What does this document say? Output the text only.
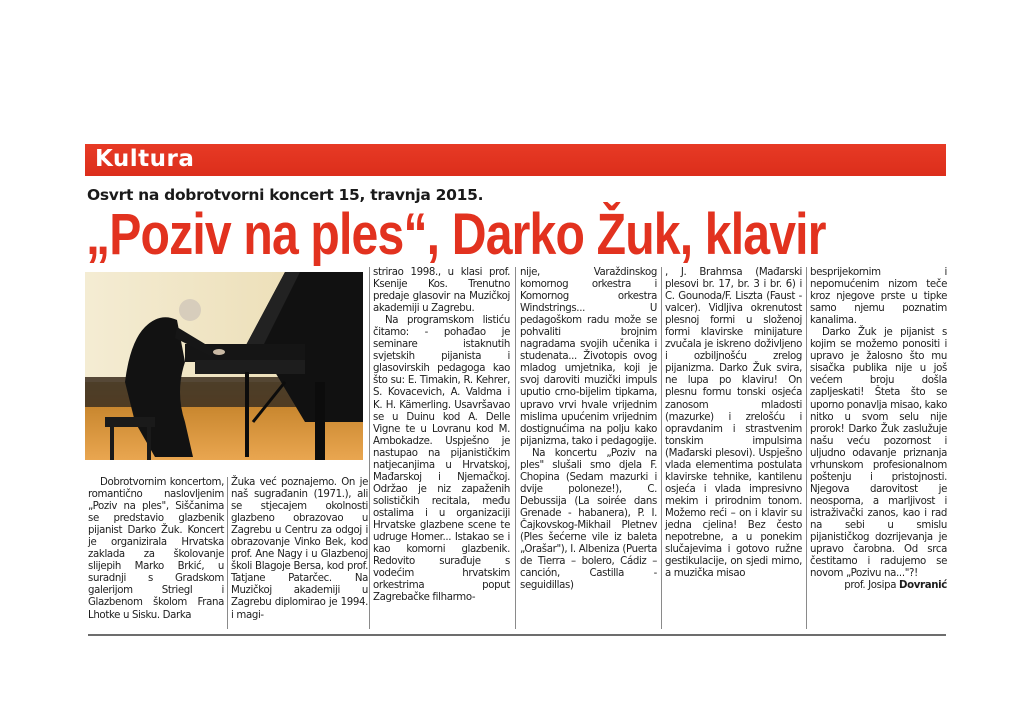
Kultura
Osvrt na dobrotvorni koncert 15, travnja 2015.
„Poziv na ples“, Darko Žuk, klavir

Dobrotvornim koncertom, romantično naslovljenim „Poziv na ples", Siščanima se predstavio glazbenik pijanist Darko Žuk. Koncert je organizirala Hrvatska zaklada za školovanje slijepih Marko Brkić, u suradnji s Gradskom galerijom Striegl i Glazbenom školom Frana Lhotke u Sisku. Darka

Žuka već poznajemo. On je naš sugrađanin (1971.), ali se stjecajem okolnosti glazbeno obrazovao u Zagrebu u Centru za odgoj i obrazovanje Vinko Bek, kod prof. Ane Nagy i u Glazbenoj školi Blagoje Bersa, kod prof. Tatjane Patarčec. Na Muzičkoj akademiji u Zagrebu diplomirao je 1994. i magi-

strirao 1998., u klasi prof. Ksenije Kos. Trenutno predaje glasovir na Muzičkoj akademiji u Zagrebu.

Na programskom listiću čitamo: - pohađao je seminare istaknutih svjetskih pijanista i glasovirskih pedagoga kao što su: E. Timakin, R. Kehrer, S. Kovacevich, A. Valdma i K. H. Kämerling. Usavršavao se u Duinu kod A. Delle Vigne te u Lovranu kod M. Ambokadze. Uspješno je nastupao na pijanističkim natjecanjima u Hrvatskoj, Mađarskoj i Njemačkoj. Održao je niz zapaženih solističkih recitala, među ostalima i u organizaciji Hrvatske glazbene scene te udruge Homer... Istakao se i kao komorni glazbenik. Redovito surađuje s vodećim hrvatskim orkestrima poput Zagrebačke filharmo-

nije, Varaždinskog komornog orkestra i Komornog orkestra Windstrings... U pedagoškom radu može se pohvaliti brojnim nagradama svojih učenika i studenata... Životopis ovog mladog umjetnika, koji je svoj daroviti muzički impuls uputio crno-bijelim tipkama, upravo vrvi hvale vrijednim mislima upućenim vrijednim dostignućima na polju kako pijanizma, tako i pedagogije.

Na koncertu „Poziv na ples" slušali smo djela F. Chopina (Sedam mazurki i dvije poloneze!), C. Debussija (La soirée dans Grenade - habanera), P. I. Čajkovskog-Mikhail Pletnev (Ples šećerne vile iz baleta „Orašar"), I. Albeniza (Puerta de Tierra – bolero, Cádiz – canción, Castilla - seguidillas)

, J. Brahmsa (Mađarski plesovi br. 17, br. 3 i br. 6) i C. Gounoda/F. Liszta (Faust - valcer). Vidljiva okrenutost plesnoj formi u složenoj formi klavirske minijature zvučala je iskreno doživljeno i ozbiljnošću zrelog pijanizma. Darko Žuk svira, ne lupa po klaviru! On plesnu formu tonski osjeća zanosom mladosti (mazurke) i zrelošću i opravdanim i strastvenim tonskim impulsima (Mađarski plesovi). Uspješno vlada elementima postulata klavirske tehnike, kantilenu osjeća i vlada impresivno mekim i prirodnim tonom. Možemo reći – on i klavir su jedna cjelina! Bez često nepotrebne, a u ponekim slučajevima i gotovo ružne gestikulacije, on sjedi mirno, a muzička misao

besprijekornim i nepomućenim nizom teče kroz njegove prste u tipke samo njemu poznatim kanalima.

Darko Žuk je pijanist s kojim se možemo ponositi i upravo je žalosno što mu sisačka publika nije u još većem broju došla zapljeskati! Šteta što se uporno ponavlja misao, kako nitko u svom selu nije prorok! Darko Žuk zaslužuje našu veću pozornost i uljudno odavanje priznanja vrhunskom profesionalnom poštenju i pristojnosti. Njegova darovitost je neosporna, a marljivost i istraživački zanos, kao i rad na sebi u smislu pijanističkog dozrijevanja je upravo čarobna. Od srca čestitamo i radujemo se novom „Pozivu na..."?!

prof. Josipa Dovranić
